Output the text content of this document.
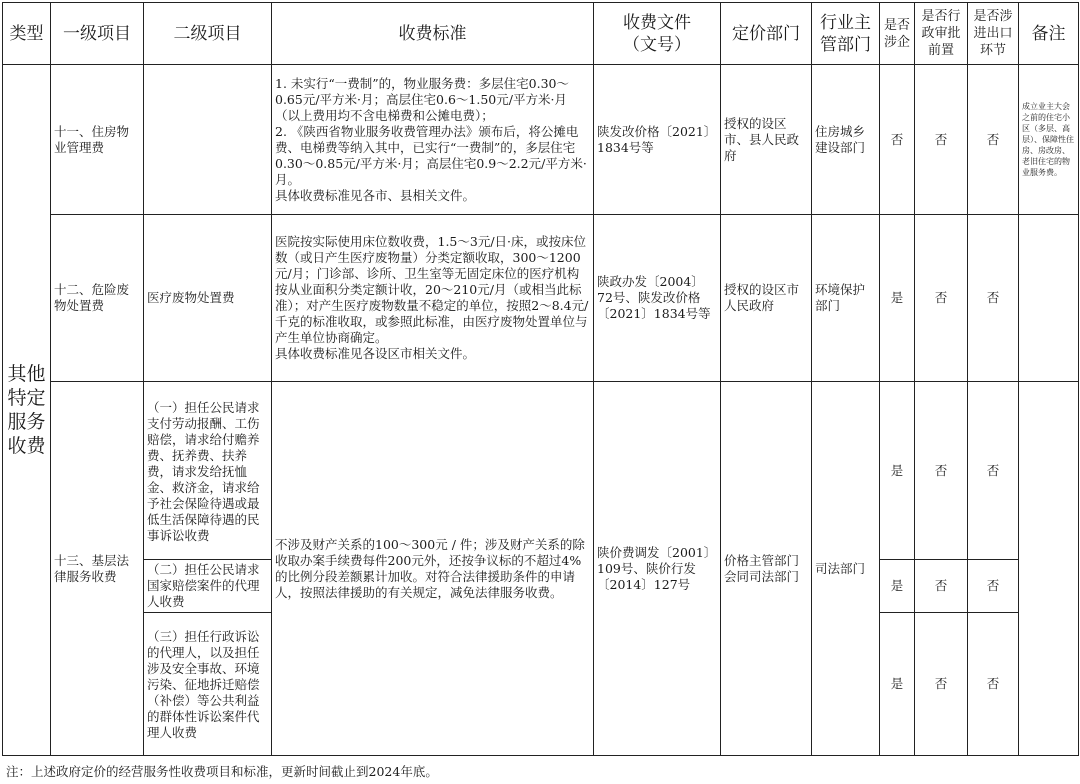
类型	一级项目	二级项目	收费标准	收费文件（文号）	定价部门	行业主管部门	是否涉企	是否行政审批前置	是否涉进出口环节	备注
其他特定服务收费	十一、住房物业管理费		1. 未实行“一费制”的，物业服务费：多层住宅0.30～0.65元/平方米·月；高层住宅0.6～1.50元/平方米·月（以上费用均不含电梯费和公摊电费）；
2. 《陕西省物业服务收费管理办法》颁布后，将公摊电费、电梯费等纳入其中，已实行“一费制”的，多层住宅0.30～0.85元/平方米·月；高层住宅0.9～2.2元/平方米·月。
具体收费标准见各市、县相关文件。	陕发改价格〔2021〕1834号等	授权的设区市、县人民政府	住房城乡建设部门	否	否	否	成立业主大会之前的住宅小区（多层、高层）、保障性住房、房改房、老旧住宅的物业服务费。
	十二、危险废物处置费	医疗废物处置费	医院按实际使用床位数收费，1.5～3元/日·床，或按床位数（或日产生医疗废物量）分类定额收取，300～1200元/月；门诊部、诊所、卫生室等无固定床位的医疗机构按从业面积分类定额计收，20～210元/月（或相当此标准）；对产生医疗废物数量不稳定的单位，按照2～8.4元/千克的标准收取，或参照此标准，由医疗废物处置单位与产生单位协商确定。
具体收费标准见各设区市相关文件。	陕政办发〔2004〕72号、陕发改价格〔2021〕1834号等	授权的设区市人民政府	环境保护部门	是	否	否	
	十三、基层法律服务收费	（一）担任公民请求支付劳动报酬、工伤赔偿，请求给付赡养费、抚养费、扶养费，请求发给抚恤金、救济金，请求给予社会保险待遇或最低生活保障待遇的民事诉讼收费	不涉及财产关系的100～300元 / 件；涉及财产关系的除收取办案手续费每件200元外，还按争议标的不超过4%的比例分段差额累计加收。对符合法律援助条件的申请人，按照法律援助的有关规定，减免法律服务收费。	陕价费调发〔2001〕109号、陕价行发〔2014〕127号	价格主管部门会同司法部门	司法部门	是	否	否	
		（二）担任公民请求国家赔偿案件的代理人收费					是	否	否	
		（三）担任行政诉讼的代理人，以及担任涉及安全事故、环境污染、征地拆迁赔偿（补偿）等公共利益的群体性诉讼案件代理人收费					是	否	否	
注：上述政府定价的经营服务性收费项目和标准，更新时间截止到2024年底。
